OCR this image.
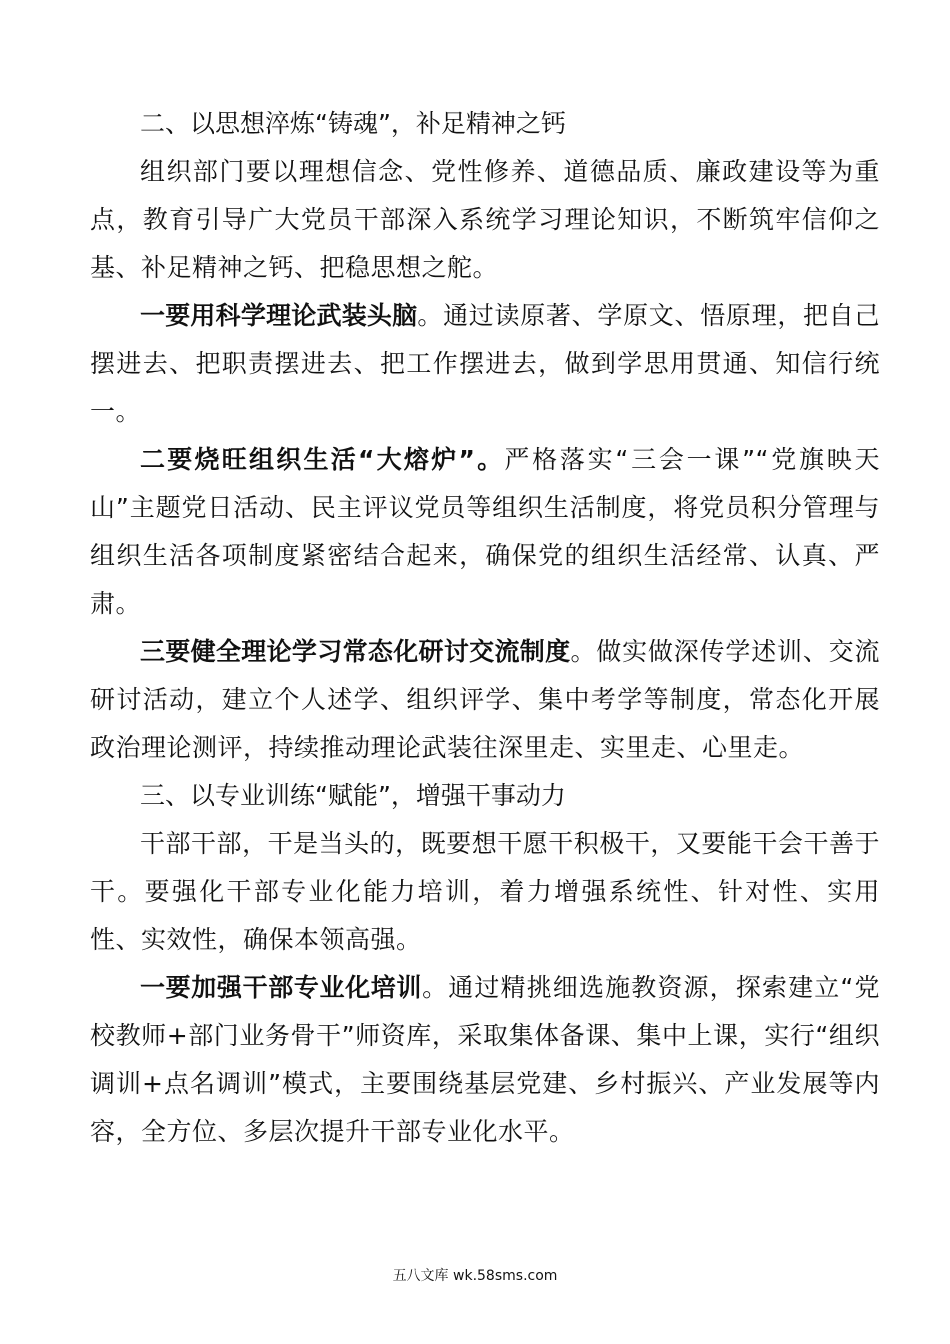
二、以思想淬炼“铸魂”，补足精神之钙

组织部门要以理想信念、党性修养、道德品质、廉政建设等为重点，教育引导广大党员干部深入系统学习理论知识，不断筑牢信仰之基、补足精神之钙、把稳思想之舵。

一要用科学理论武装头脑。通过读原著、学原文、悟原理，把自己摆进去、把职责摆进去、把工作摆进去，做到学思用贯通、知信行统一。

二要烧旺组织生活“大熔炉”。严格落实“三会一课”“党旗映天山”主题党日活动、民主评议党员等组织生活制度，将党员积分管理与组织生活各项制度紧密结合起来，确保党的组织生活经常、认真、严肃。

三要健全理论学习常态化研讨交流制度。做实做深传学述训、交流研讨活动，建立个人述学、组织评学、集中考学等制度，常态化开展政治理论测评，持续推动理论武装往深里走、实里走、心里走。

三、以专业训练“赋能”，增强干事动力

干部干部，干是当头的，既要想干愿干积极干，又要能干会干善于干。要强化干部专业化能力培训，着力增强系统性、针对性、实用性、实效性，确保本领高强。

一要加强干部专业化培训。通过精挑细选施教资源，探索建立“党校教师+部门业务骨干”师资库，采取集体备课、集中上课，实行“组织调训+点名调训”模式，主要围绕基层党建、乡村振兴、产业发展等内容，全方位、多层次提升干部专业化水平。

五八文库 wk.58sms.com
